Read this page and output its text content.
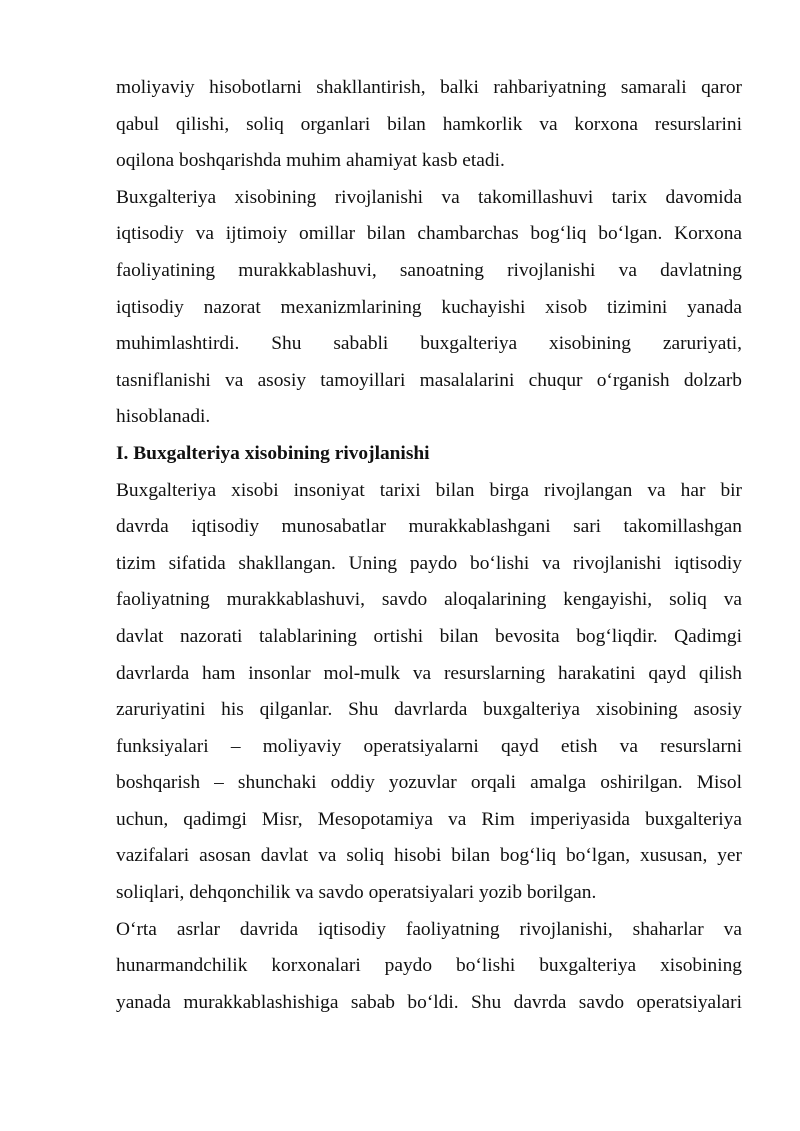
moliyaviy hisobotlarni shakllantirish, balki rahbariyatning samarali qaror
qabul qilishi, soliq organlari bilan hamkorlik va korxona resurslarini
oqilona boshqarishda muhim ahamiyat kasb etadi.
Buxgalteriya xisobining rivojlanishi va takomillashuvi tarix davomida
iqtisodiy va ijtimoiy omillar bilan chambarchas bog‘liq bo‘lgan. Korxona
faoliyatining murakkablashuvi, sanoatning rivojlanishi va davlatning
iqtisodiy nazorat mexanizmlarining kuchayishi xisob tizimini yanada
muhimlashtirdi. Shu sababli buxgalteriya xisobining zaruriyati,
tasniflanishi va asosiy tamoyillari masalalarini chuqur o‘rganish dolzarb
hisoblanadi.
I. Buxgalteriya xisobining rivojlanishi
Buxgalteriya xisobi insoniyat tarixi bilan birga rivojlangan va har bir
davrda iqtisodiy munosabatlar murakkablashgani sari takomillashgan
tizim sifatida shakllangan. Uning paydo bo‘lishi va rivojlanishi iqtisodiy
faoliyatning murakkablashuvi, savdo aloqalarining kengayishi, soliq va
davlat nazorati talablarining ortishi bilan bevosita bog‘liqdir. Qadimgi
davrlarda ham insonlar mol-mulk va resurslarning harakatini qayd qilish
zaruriyatini his qilganlar. Shu davrlarda buxgalteriya xisobining asosiy
funksiyalari – moliyaviy operatsiyalarni qayd etish va resurslarni
boshqarish – shunchaki oddiy yozuvlar orqali amalga oshirilgan. Misol
uchun, qadimgi Misr, Mesopotamiya va Rim imperiyasida buxgalteriya
vazifalari asosan davlat va soliq hisobi bilan bog‘liq bo‘lgan, xususan, yer
soliqlari, dehqonchilik va savdo operatsiyalari yozib borilgan.
O‘rta asrlar davrida iqtisodiy faoliyatning rivojlanishi, shaharlar va
hunarmandchilik korxonalari paydo bo‘lishi buxgalteriya xisobining
yanada murakkablashishiga sabab bo‘ldi. Shu davrda savdo operatsiyalari
